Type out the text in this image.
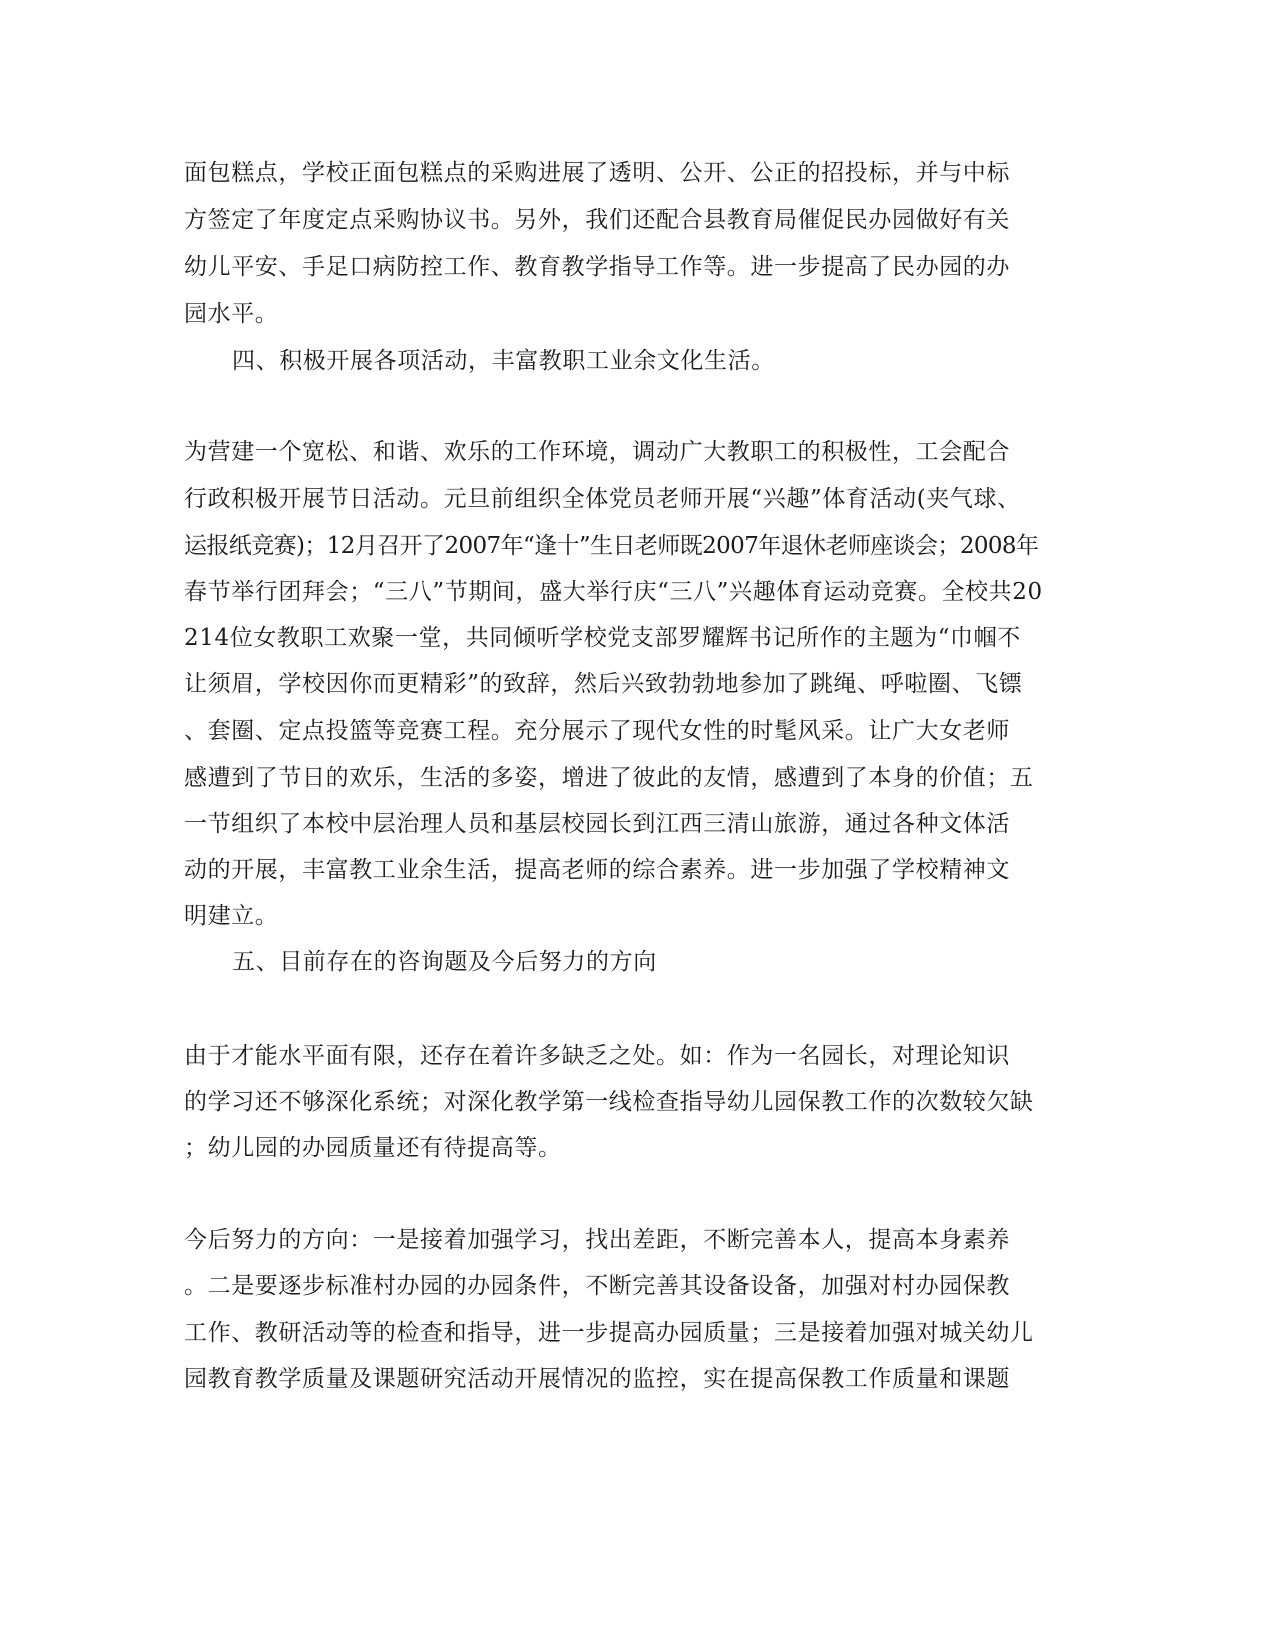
面包糕点，学校正面包糕点的采购进展了透明、公开、公正的招投标，并与中标
方签定了年度定点采购协议书。另外，我们还配合县教育局催促民办园做好有关
幼儿平安、手足口病防控工作、教育教学指导工作等。进一步提高了民办园的办
园水平。
四、积极开展各项活动，丰富教职工业余文化生活。
为营建一个宽松、和谐、欢乐的工作环境，调动广大教职工的积极性，工会配合
行政积极开展节日活动。元旦前组织全体党员老师开展“兴趣”体育活动(夹气球、
运报纸竞赛)；12月召开了2007年“逢十”生日老师既2007年退休老师座谈会；2008年
春节举行团拜会；“三八”节期间，盛大举行庆“三八”兴趣体育运动竞赛。全校共20
214位女教职工欢聚一堂，共同倾听学校党支部罗耀辉书记所作的主题为“巾帼不
让须眉，学校因你而更精彩”的致辞，然后兴致勃勃地参加了跳绳、呼啦圈、飞镖
、套圈、定点投篮等竞赛工程。充分展示了现代女性的时髦风采。让广大女老师
感遭到了节日的欢乐，生活的多姿，增进了彼此的友情，感遭到了本身的价值；五
一节组织了本校中层治理人员和基层校园长到江西三清山旅游，通过各种文体活
动的开展，丰富教工业余生活，提高老师的综合素养。进一步加强了学校精神文
明建立。
五、目前存在的咨询题及今后努力的方向
由于才能水平面有限，还存在着许多缺乏之处。如：作为一名园长，对理论知识
的学习还不够深化系统；对深化教学第一线检查指导幼儿园保教工作的次数较欠缺
；幼儿园的办园质量还有待提高等。
今后努力的方向：一是接着加强学习，找出差距，不断完善本人，提高本身素养
。二是要逐步标准村办园的办园条件，不断完善其设备设备，加强对村办园保教
工作、教研活动等的检查和指导，进一步提高办园质量；三是接着加强对城关幼儿
园教育教学质量及课题研究活动开展情况的监控，实在提高保教工作质量和课题
